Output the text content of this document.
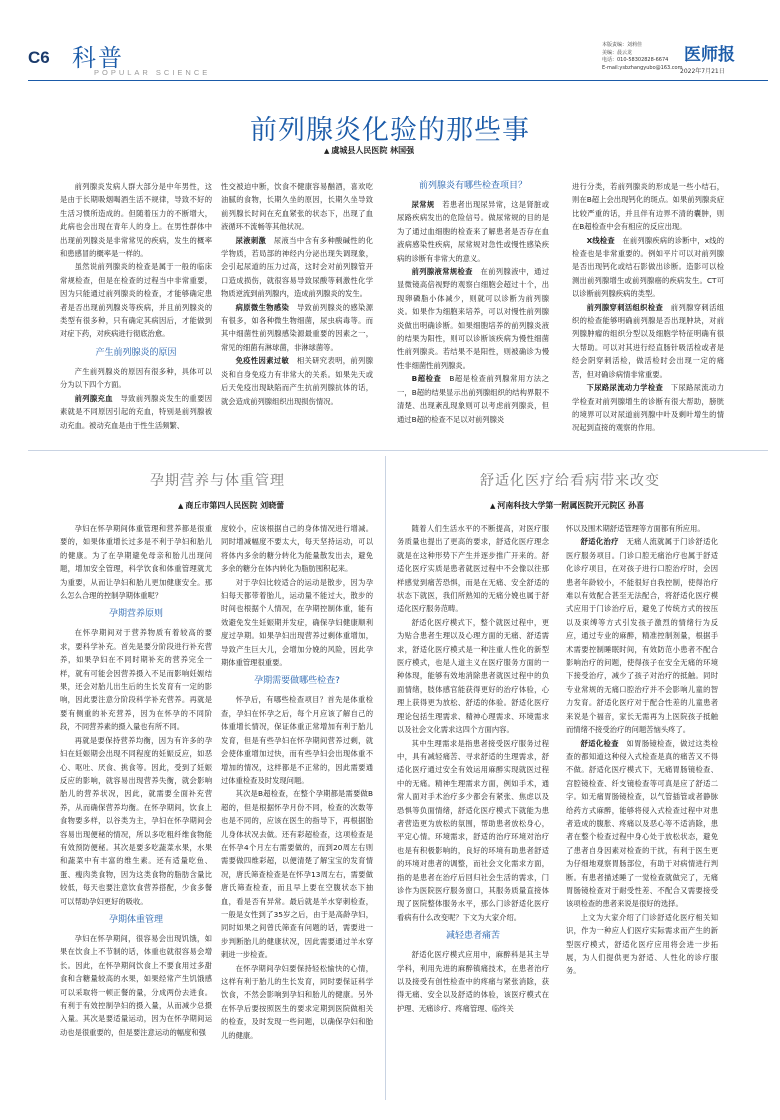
C6 科普
POPULAR SCIENCE
本版责编：刘莉佳
美编：晨云龙
电话：010-58302828-6674
E-mail:ysbzhangyubo@163.com
医师报
2022年7月21日
前列腺炎化验的那些事
▲ 虞城县人民医院 林国强

前列腺炎发病人群大部分是中年男性，这是由于长期吸烟喝酒生活不规律，导致不好的生活习惯所造成的。但随着压力的不断增大，此病也会出现在青年人的身上。在男性群体中出现前列腺炎是非常常见的疾病，发生的概率和患感冒的概率是一样的。

虽然说前列腺炎的检查是属于一般的临床常规检查，但是在检查的过程当中非常重要，因为只能通过前列腺炎的检查，才能够确定患者是否出现前列腺炎等疾病，并且前列腺炎的类型有很多种，只有确定其病因后，才能做到对症下药，对疾病进行彻底治愈。

产生前列腺炎的原因

产生前列腺炎的原因有很多种，具体可以分为以下四个方面。

前列腺充血　 导致前列腺炎发生的重要因素就是不同原因引起的充血，特别是前列腺被动充血。被动充血是由于性生活频繁、

性交被迫中断，饮食不健康容易酗酒，喜欢吃油腻的食物，长期久坐的原因，长期久坐导致前列腺长时间在充血紧张的状态下，出现了血液循环不流畅等其他状况。

尿液刺激　 尿液当中含有多种酸碱性的化学物质，若局部的神经内分泌出现失调现象，会引起尿道的压力过高，这时会对前列腺管开口造成损伤，就很容易导致尿酸等刺激性化学物质逆流到前列腺内，造成前列腺炎的发生。

病原微生物感染　 导致前列腺炎的感染源有很多，如各种微生物细菌，尿虫病毒等。而其中细菌性前列腺感染源最重要的因素之一，常见的细菌有淋球菌，非淋球菌等。

免疫性因素过敏　 相关研究表明，前列腺炎和自身免疫力有非常大的关系。如果先天或后天免疫出现缺陷而产生抗前列腺抗体的话，就会造成前列腺组织出现损伤情况。

前列腺炎有哪些检查项目？

尿常规　 若患者出现尿异常，这是肾脏或尿路疾病发出的危险信号。做尿常规的目的是为了通过血细胞的检查来了解患者是否存在血液病感染性疾病，尿常规对急性或慢性感染疾病的诊断有非常大的意义。

前列腺液常规检查　 在前列腺液中，通过显微镜高倍视野的观察白细胞会超过十个，出现卵磷脂小体减少，则就可以诊断为前列腺炎。如果作为细胞来培养，可以对慢性前列腺炎做出明确诊断。如果细胞培养的前列腺炎液的结果为阳性，则可以诊断该疾病为慢性细菌性前列腺炎。若结果不是阳性，则被确诊为慢性非细菌性前列腺炎。

B超检查　 B超是检查前列腺常用方法之一，B超的结果显示出前列腺组织的结构界限不清楚、出现紊乱现象则可以考虑前列腺炎，但通过B超的检查不足以对前列腺炎

进行分类，若前列腺炎的形成是一些小结石，则在B超上会出现钙化的斑点。如果前列腺炎症比较严重的话，并且伴有边界不清的囊肿，则在B超检查中会有相应的反应出现。

X线检查　 在前列腺疾病的诊断中，x线的检查也是非常重要的。例如平片可以对前列腺是否出现钙化或结石影做出诊断。造影可以检测出前列腺增生或前列腺癌的疾病发生。CT可以诊断前列腺疾病的类型。

前列腺穿刺活组织检查　 前列腺穿刺活组织的检查能够明确前列腺是否出现肿块，对前列腺肿瘤的组织分型以及细胞学特征明确有很大帮助。可以对其进行经直肠针吸活检或者是经会阴穿刺活检，做活检时会出现一定的痛苦，但对确诊病情非常重要。

下尿路尿流动力学检查　 下尿路尿流动力学检查对前列腺增生的诊断有很大帮助，膀胱的境界可以对尿道前列腺中叶及剩叶增生的情况起到直接的观察的作用。

孕期营养与体重管理
▲ 商丘市第四人民医院 刘晓蕾

孕妇在怀孕期间体重管理和营养都是很重要的，如果体重增长过多是不利于孕妇和胎儿的健康。为了在孕期避免母亲和胎儿出现问题，增加安全管理，科学饮食和体重管理就尤为重要，从而让孕妇和胎儿更加健康安全。那么怎么合理的控制孕期体重呢？

孕期营养原则

在怀孕期间对于营养物质有着较高的要求，要科学补充。首先是要分阶段进行补充营养，如果孕妇在不同时期补充的营养完全一样，就有可能会因营养摄入不足而影响妊娠结果，还会对胎儿出生后的生长发育有一定的影响，因此要注意分阶段科学补充营养。再就是要有侧重的补充营养，因为在怀孕的不同阶段，不同营养素的摄入量也有所不同。

再就是要保持营养均衡，因为有许多的孕妇在妊娠期会出现不同程度的妊娠反应，如恶心、呕吐、厌食、挑食等。因此，受到了妊娠反应的影响，就容易出现营养失衡，就会影响胎儿的营养状况，因此，就需要全面补充营养，从而确保营养均衡。在怀孕期间，饮食上食物要多样，以谷类为主，孕妇在怀孕期间会容易出现便秘的情况，所以多吃粗纤维食物能有效预防便秘。其次是要多吃蔬菜水果，水果和蔬菜中有丰富的维生素。还有适量吃鱼、蛋、瘦肉类食物，因为这类食物的脂肪含量比较低，每天也要注意饮食营养搭配，少食多餐可以帮助孕妇更好的吸收。

孕期体重管理

孕妇在怀孕期间，很容易会出现饥饿，如果在饮食上不节制的话，体重也就很容易会增长。因此，在怀孕期间饮食上不要食用过多甜食和含糖量较高的水果，如果经常产生饥饿感可以采取将一顿正餐的量，分成两份去进食。有利于有效控制孕妇的摄入量，从而减少总摄入量。其次是要适量运动，因为在怀孕期间运动也是很重要的，但是要注意运动的幅度和强

度较小，应该根据自己的身体情况进行增减。同时增减幅度不要太大，每天坚持运动，可以将体内多余的糖分转化为能量散发出去，避免多余的糖分在体内转化为脂肪囤积起来。

对于孕妇比较适合的运动是散步，因为孕妇每天都带着胎儿，运动量不能过大，散步的时间也根据个人情况，在孕期控制体重，能有效避免发生妊娠期并发症，确保孕妇健康顺利度过孕期。如果孕妇出现营养过剩体重增加，导致产生巨大儿，会增加分娩的风险，因此孕期体重管理很重要。

孕期需要做哪些检查?

怀孕后，有哪些检查项目？首先是体重检查，孕妇在怀孕之后，每个月应该了解自己的体重增长情况，保证体重正常增加有利于胎儿发育，但是有些孕妇在怀孕期间营养过剩，就会使体重增加过快，而有些孕妇会出现体重不增加的情况，这样都是不正常的，因此需要通过体重检查及时发现问题。

其次是B超检查，在整个孕期都是需要做B超的，但是根据怀孕月份不同，检查的次数等也是不同的，应该在医生的指导下，再根据胎儿身体状况去做。还有彩超检查，这项检查是在怀孕4个月左右需要做的，而到20周左右则需要做四维彩超，以便清楚了解宝宝的发育情况，唐氏筛查检查是在怀孕13周左右，需要做唐氏筛查检查，而且早上要在空腹状态下抽血，看是否有异常。最后就是羊水穿刺检查，一般是女性到了35岁之后，由于是高龄孕妇，同时如果之间曾氏筛查有问题的话，需要进一步判断胎儿的健康状况，因此需要通过羊水穿刺进一步检查。

在怀孕期间孕妇要保持轻松愉快的心情，这样有利于胎儿的生长发育，同时要保证科学饮食，不然会影响到孕妇和胎儿的健康。另外在怀孕后要按照医生的要求定期到医院做相关的检查，及时发现一些问题，以确保孕妇和胎儿的健康。

舒适化医疗给看病带来改变
▲ 河南科技大学第一附属医院开元院区 孙喜

随着人们生活水平的不断提高，对医疗服务质量也提出了更高的要求，舒适化医疗理念就是在这种形势下产生并逐步推广开来的。舒适化医疗实质是患者就医过程中不会像以往那样感觉到痛苦恐惧，而是在无痛、安全舒适的状态下就医，我们所熟知的无痛分娩也属于舒适化医疗服务范畴。

舒适化医疗模式下，整个就医过程中，更为贴合患者生理以及心理方面的无痛、舒适需求，舒适化医疗模式是一种注重人性化的新型医疗模式，也是人道主义在医疗服务方面的一种体现，能够有效地消除患者就医过程中的负面情绪，肢体感官能获得更好的治疗体验，心理上获得更为放松、舒适的体验。舒适化医疗理论包括生理需求、精神心理需求、环境需求以及社会文化需求这四个方面内容。

其中生理需求是指患者接受医疗服务过程中，具有减轻痛苦、寻求舒适的生理需求，舒适化医疗通过安全有效运用麻醉实现就医过程中的无痛。精神生理需求方面，例如手术，通常人面对手术治疗多少都会有紧张、焦虑以及恐惧等负面情绪，舒适化医疗模式下就能为患者营造更为放松的氛围，帮助患者放松身心，平定心情。环境需求，舒适的治疗环境对治疗也是有积极影响的，良好的环境有助患者舒适的环境对患者的调整，而社会文化需求方面，指的是患者在治疗后回归社会生活的需求，门诊作为医院医疗服务窗口，其服务质量直接体现了医院整体服务水平，那么门诊舒适化医疗看病有什么改变呢？下文为大家介绍。

减轻患者痛苦

舒适化医疗模式应用中，麻醉科是其主导学科，利用先进的麻醉镇痛技术，在患者治疗以及接受有创性检查中的疼痛与紧张消除，获得无痛、安全以及舒适的体验，该医疗模式在护理、无痛诊疗、疼痛管理、临终关

怀以及围术期舒适管理等方面都有所应用。

舒适化治疗　 无痛人流就属于门诊舒适化医疗服务项目。门诊口腔无痛治疗也属于舒适化诊疗项目，在对孩子进行口腔治疗时，会因患者年龄较小，不能很好自我控制，使得治疗难以有效配合甚至无法配合，将舒适化医疗模式应用于门诊治疗后，避免了传统方式的按压以及束缚等方式引发孩子激烈的情绪行为反应，通过专业的麻醉，精准控制剂量，根据手术需要控制睡眠时间，有效防范小患者不配合影响治疗的问题，使得孩子在安全无痛的环境下接受治疗，减少了孩子对治疗的抵触。同时专业常规的无痛口腔治疗并不会影响儿童的智力发育。舒适化医疗对于配合性差的儿童患者来说是个福音，家长无需再为上医院孩子抵触而情绪不接受治疗的问题苦恼头疼了。

舒适化检查　 如胃肠镜检查，做过这类检查的都知道这种侵入式检查是真的痛苦又不得不做。舒适化医疗模式下，无痛胃肠镜检查、宫腔镜检查、纤支镜检查等可真是应了舒适二字。如无痛胃肠镜检查，以气管插管或者静脉给药方式麻醉，能够将侵入式检查过程中对患者造成的腹胀、疼痛以及恶心等不适消除，患者在整个检查过程中身心处于放松状态，避免了患者自身因素对检查的干扰，有利于医生更为仔细地观察胃肠部位，有助于对病情进行判断。有患者描述睡了一觉检查就做完了，无痛胃肠镜检查对于耐受性差、不配合又需要接受该项检查的患者来说是很好的选择。

上文为大家介绍了门诊舒适化医疗相关知识，作为一种应人们医疗实际需求而产生的新型医疗模式，舒适化医疗应用将会进一步拓展，为人们提供更为舒适、人性化的诊疗服务。
